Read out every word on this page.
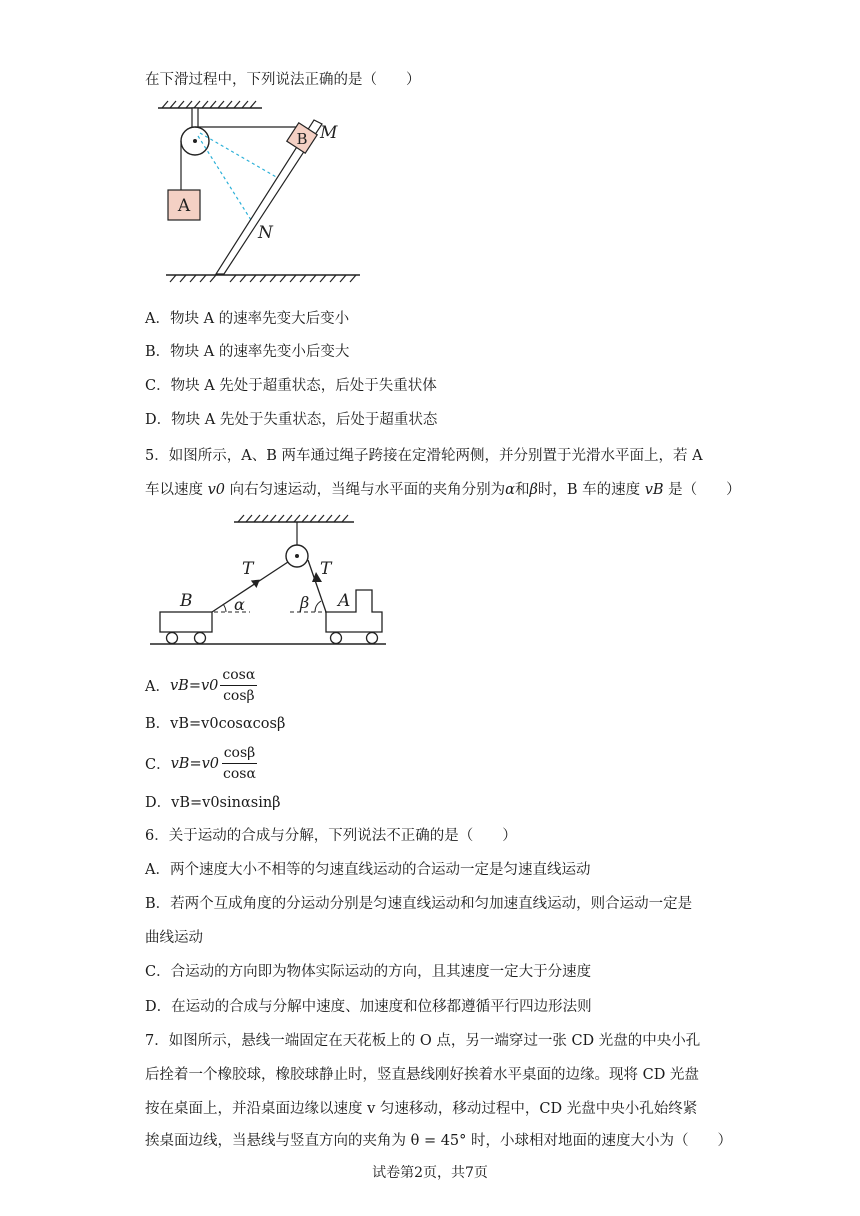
在下滑过程中，下列说法正确的是（　　）
A
B M
N
A．物块 A 的速率先变大后变小
B．物块 A 的速率先变小后变大
C．物块 A 先处于超重状态，后处于失重状体
D．物块 A 先处于失重状态，后处于超重状态
5．如图所示，A、B 两车通过绳子跨接在定滑轮两侧，并分别置于光滑水平面上，若 A
车以速度 v0 向右匀速运动，当绳与水平面的夹角分别为α和β时，B 车的速度 vB 是（　　）
T	T
α	β
B	A
A． $vB=v0 \frac{\cos\alpha}{\cos\beta}$
B．vB=v0cosαcosβ
C． $vB=v0 \frac{\cos\beta}{\cos\alpha}$
D．vB=v0sinαsinβ
6．关于运动的合成与分解，下列说法不正确的是（　　）
A．两个速度大小不相等的匀速直线运动的合运动一定是匀速直线运动
B．若两个互成角度的分运动分别是匀速直线运动和匀加速直线运动，则合运动一定是
曲线运动
C．合运动的方向即为物体实际运动的方向，且其速度一定大于分速度
D．在运动的合成与分解中速度、加速度和位移都遵循平行四边形法则
7．如图所示，悬线一端固定在天花板上的 O 点，另一端穿过一张 CD 光盘的中央小孔
后拴着一个橡胶球，橡胶球静止时，竖直悬线刚好挨着水平桌面的边缘。现将 CD 光盘
按在桌面上，并沿桌面边缘以速度 v 匀速移动，移动过程中，CD 光盘中央小孔始终紧
挨桌面边线，当悬线与竖直方向的夹角为 θ = 45° 时，小球相对地面的速度大小为（　　）
试卷第2页，共7页
